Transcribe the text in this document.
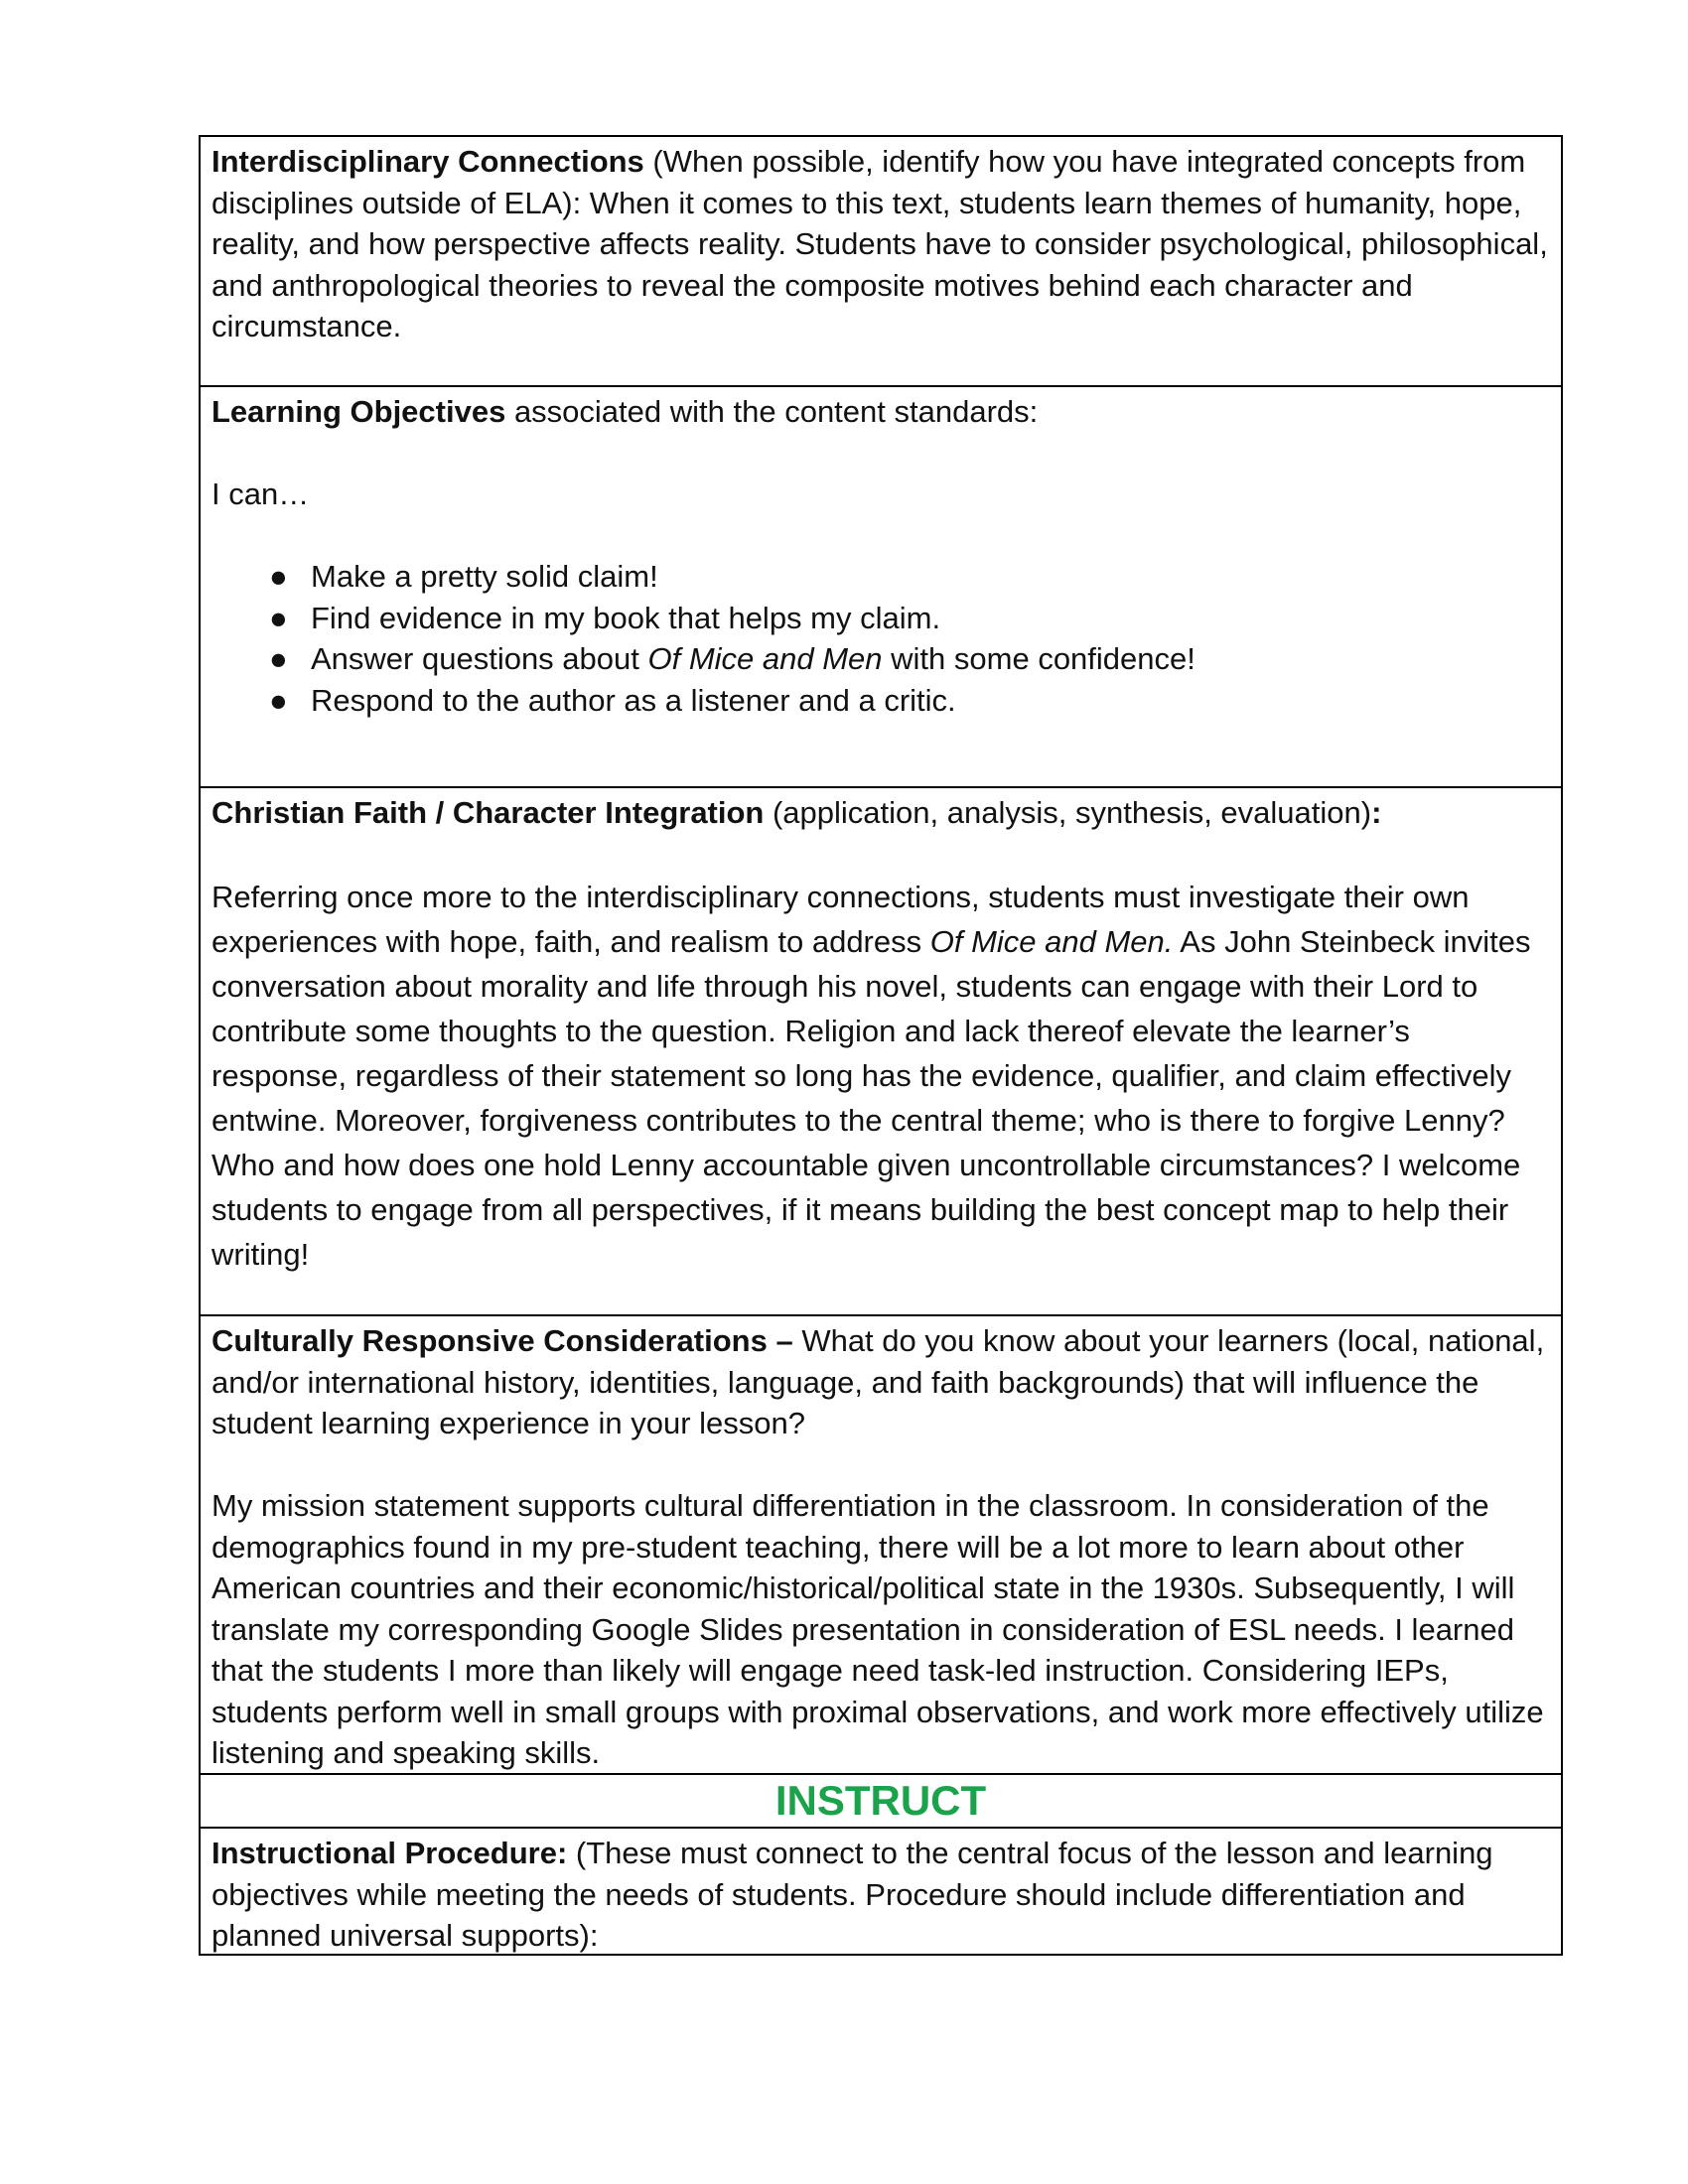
Interdisciplinary Connections (When possible, identify how you have integrated concepts from disciplines outside of ELA): When it comes to this text, students learn themes of humanity, hope, reality, and how perspective affects reality. Students have to consider psychological, philosophical, and anthropological theories to reveal the composite motives behind each character and circumstance.

Learning Objectives associated with the content standards:

I can…

● Make a pretty solid claim!
● Find evidence in my book that helps my claim.
● Answer questions about Of Mice and Men with some confidence!
● Respond to the author as a listener and a critic.

Christian Faith / Character Integration (application, analysis, synthesis, evaluation):

Referring once more to the interdisciplinary connections, students must investigate their own experiences with hope, faith, and realism to address Of Mice and Men. As John Steinbeck invites conversation about morality and life through his novel, students can engage with their Lord to contribute some thoughts to the question. Religion and lack thereof elevate the learner’s response, regardless of their statement so long has the evidence, qualifier, and claim effectively entwine. Moreover, forgiveness contributes to the central theme; who is there to forgive Lenny? Who and how does one hold Lenny accountable given uncontrollable circumstances? I welcome students to engage from all perspectives, if it means building the best concept map to help their writing!

Culturally Responsive Considerations – What do you know about your learners (local, national, and/or international history, identities, language, and faith backgrounds) that will influence the student learning experience in your lesson?

My mission statement supports cultural differentiation in the classroom. In consideration of the demographics found in my pre-student teaching, there will be a lot more to learn about other American countries and their economic/historical/political state in the 1930s. Subsequently, I will translate my corresponding Google Slides presentation in consideration of ESL needs. I learned that the students I more than likely will engage need task-led instruction. Considering IEPs, students perform well in small groups with proximal observations, and work more effectively utilize listening and speaking skills.

INSTRUCT

Instructional Procedure: (These must connect to the central focus of the lesson and learning objectives while meeting the needs of students. Procedure should include differentiation and planned universal supports):
